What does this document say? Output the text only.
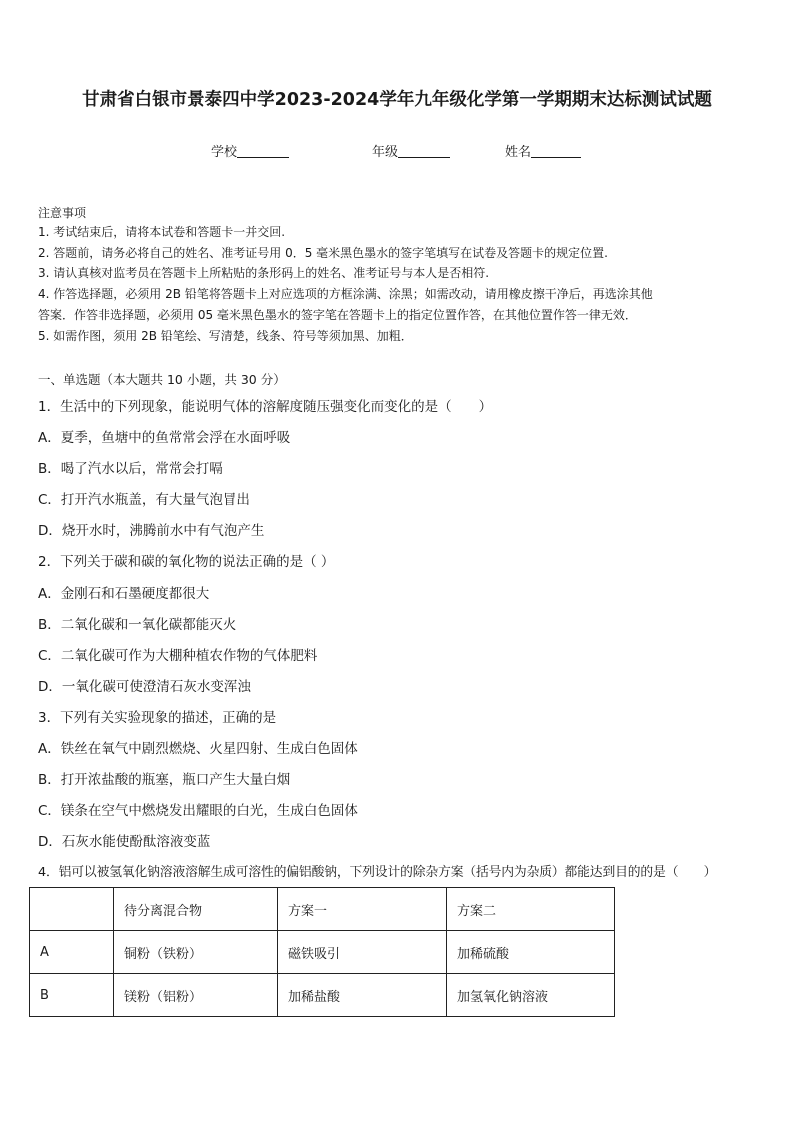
甘肃省白银市景泰四中学2023-2024学年九年级化学第一学期期末达标测试试题
学校	年级	姓名
注意事项
1. 考试结束后，请将本试卷和答题卡一并交回.
2. 答题前，请务必将自己的姓名、准考证号用 0．5 毫米黑色墨水的签字笔填写在试卷及答题卡的规定位置.
3. 请认真核对监考员在答题卡上所粘贴的条形码上的姓名、准考证号与本人是否相符.
4. 作答选择题，必须用 2B 铅笔将答题卡上对应选项的方框涂满、涂黑；如需改动，请用橡皮擦干净后，再选涂其他
答案．作答非选择题，必须用 05 毫米黑色墨水的签字笔在答题卡上的指定位置作答，在其他位置作答一律无效．
5. 如需作图，须用 2B 铅笔绘、写清楚，线条、符号等须加黑、加粗．
一、单选题（本大题共 10 小题，共 30 分）
1．生活中的下列现象，能说明气体的溶解度随压强变化而变化的是（　　）
A．夏季，鱼塘中的鱼常常会浮在水面呼吸
B．喝了汽水以后，常常会打嗝
C．打开汽水瓶盖，有大量气泡冒出
D．烧开水时，沸腾前水中有气泡产生
2．下列关于碳和碳的氧化物的说法正确的是（ ）
A．金刚石和石墨硬度都很大
B．二氧化碳和一氧化碳都能灭火
C．二氧化碳可作为大棚种植农作物的气体肥料
D．一氧化碳可使澄清石灰水变浑浊
3．下列有关实验现象的描述，正确的是
A．铁丝在氧气中剧烈燃烧、火星四射、生成白色固体
B．打开浓盐酸的瓶塞，瓶口产生大量白烟
C．镁条在空气中燃烧发出耀眼的白光，生成白色固体
D．石灰水能使酚酞溶液变蓝
4．铝可以被氢氧化钠溶液溶解生成可溶性的偏铝酸钠，下列设计的除杂方案（括号内为杂质）都能达到目的的是（　　）
	待分离混合物	方案一	方案二
A	铜粉（铁粉）	磁铁吸引	加稀硫酸
B	镁粉（铝粉）	加稀盐酸	加氢氧化钠溶液
